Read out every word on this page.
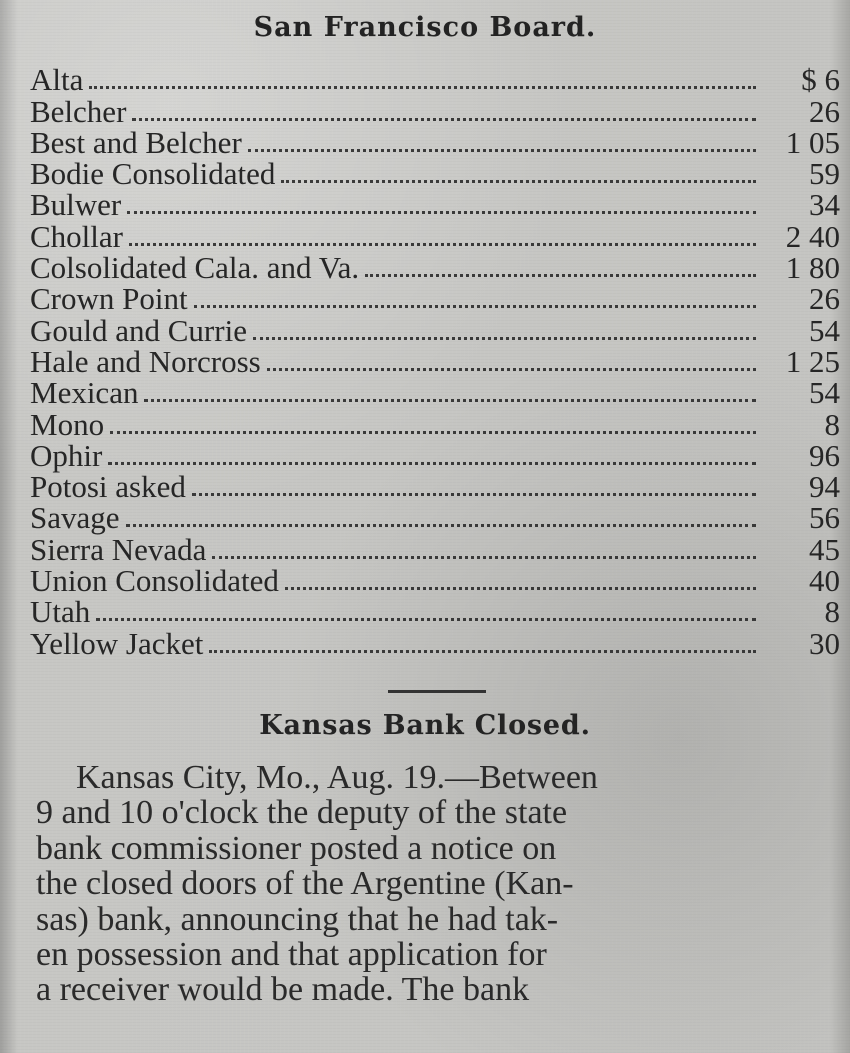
San Francisco Board.
Alta	$ 6
Belcher	26
Best and Belcher	1 05
Bodie Consolidated	59
Bulwer	34
Chollar	2 40
Colsolidated Cala. and Va.	1 80
Crown Point	26
Gould and Currie	54
Hale and Norcross	1 25
Mexican	54
Mono	8
Ophir	96
Potosi asked	94
Savage	56
Sierra Nevada	45
Union Consolidated	40
Utah	8
Yellow Jacket	30
Kansas Bank Closed.
Kansas City, Mo., Aug. 19.—Between
9 and 10 o'clock the deputy of the state
bank commissioner posted a notice on
the closed doors of the Argentine (Kan-
sas) bank, announcing that he had tak-
en possession and that application for
a receiver would be made. The bank
